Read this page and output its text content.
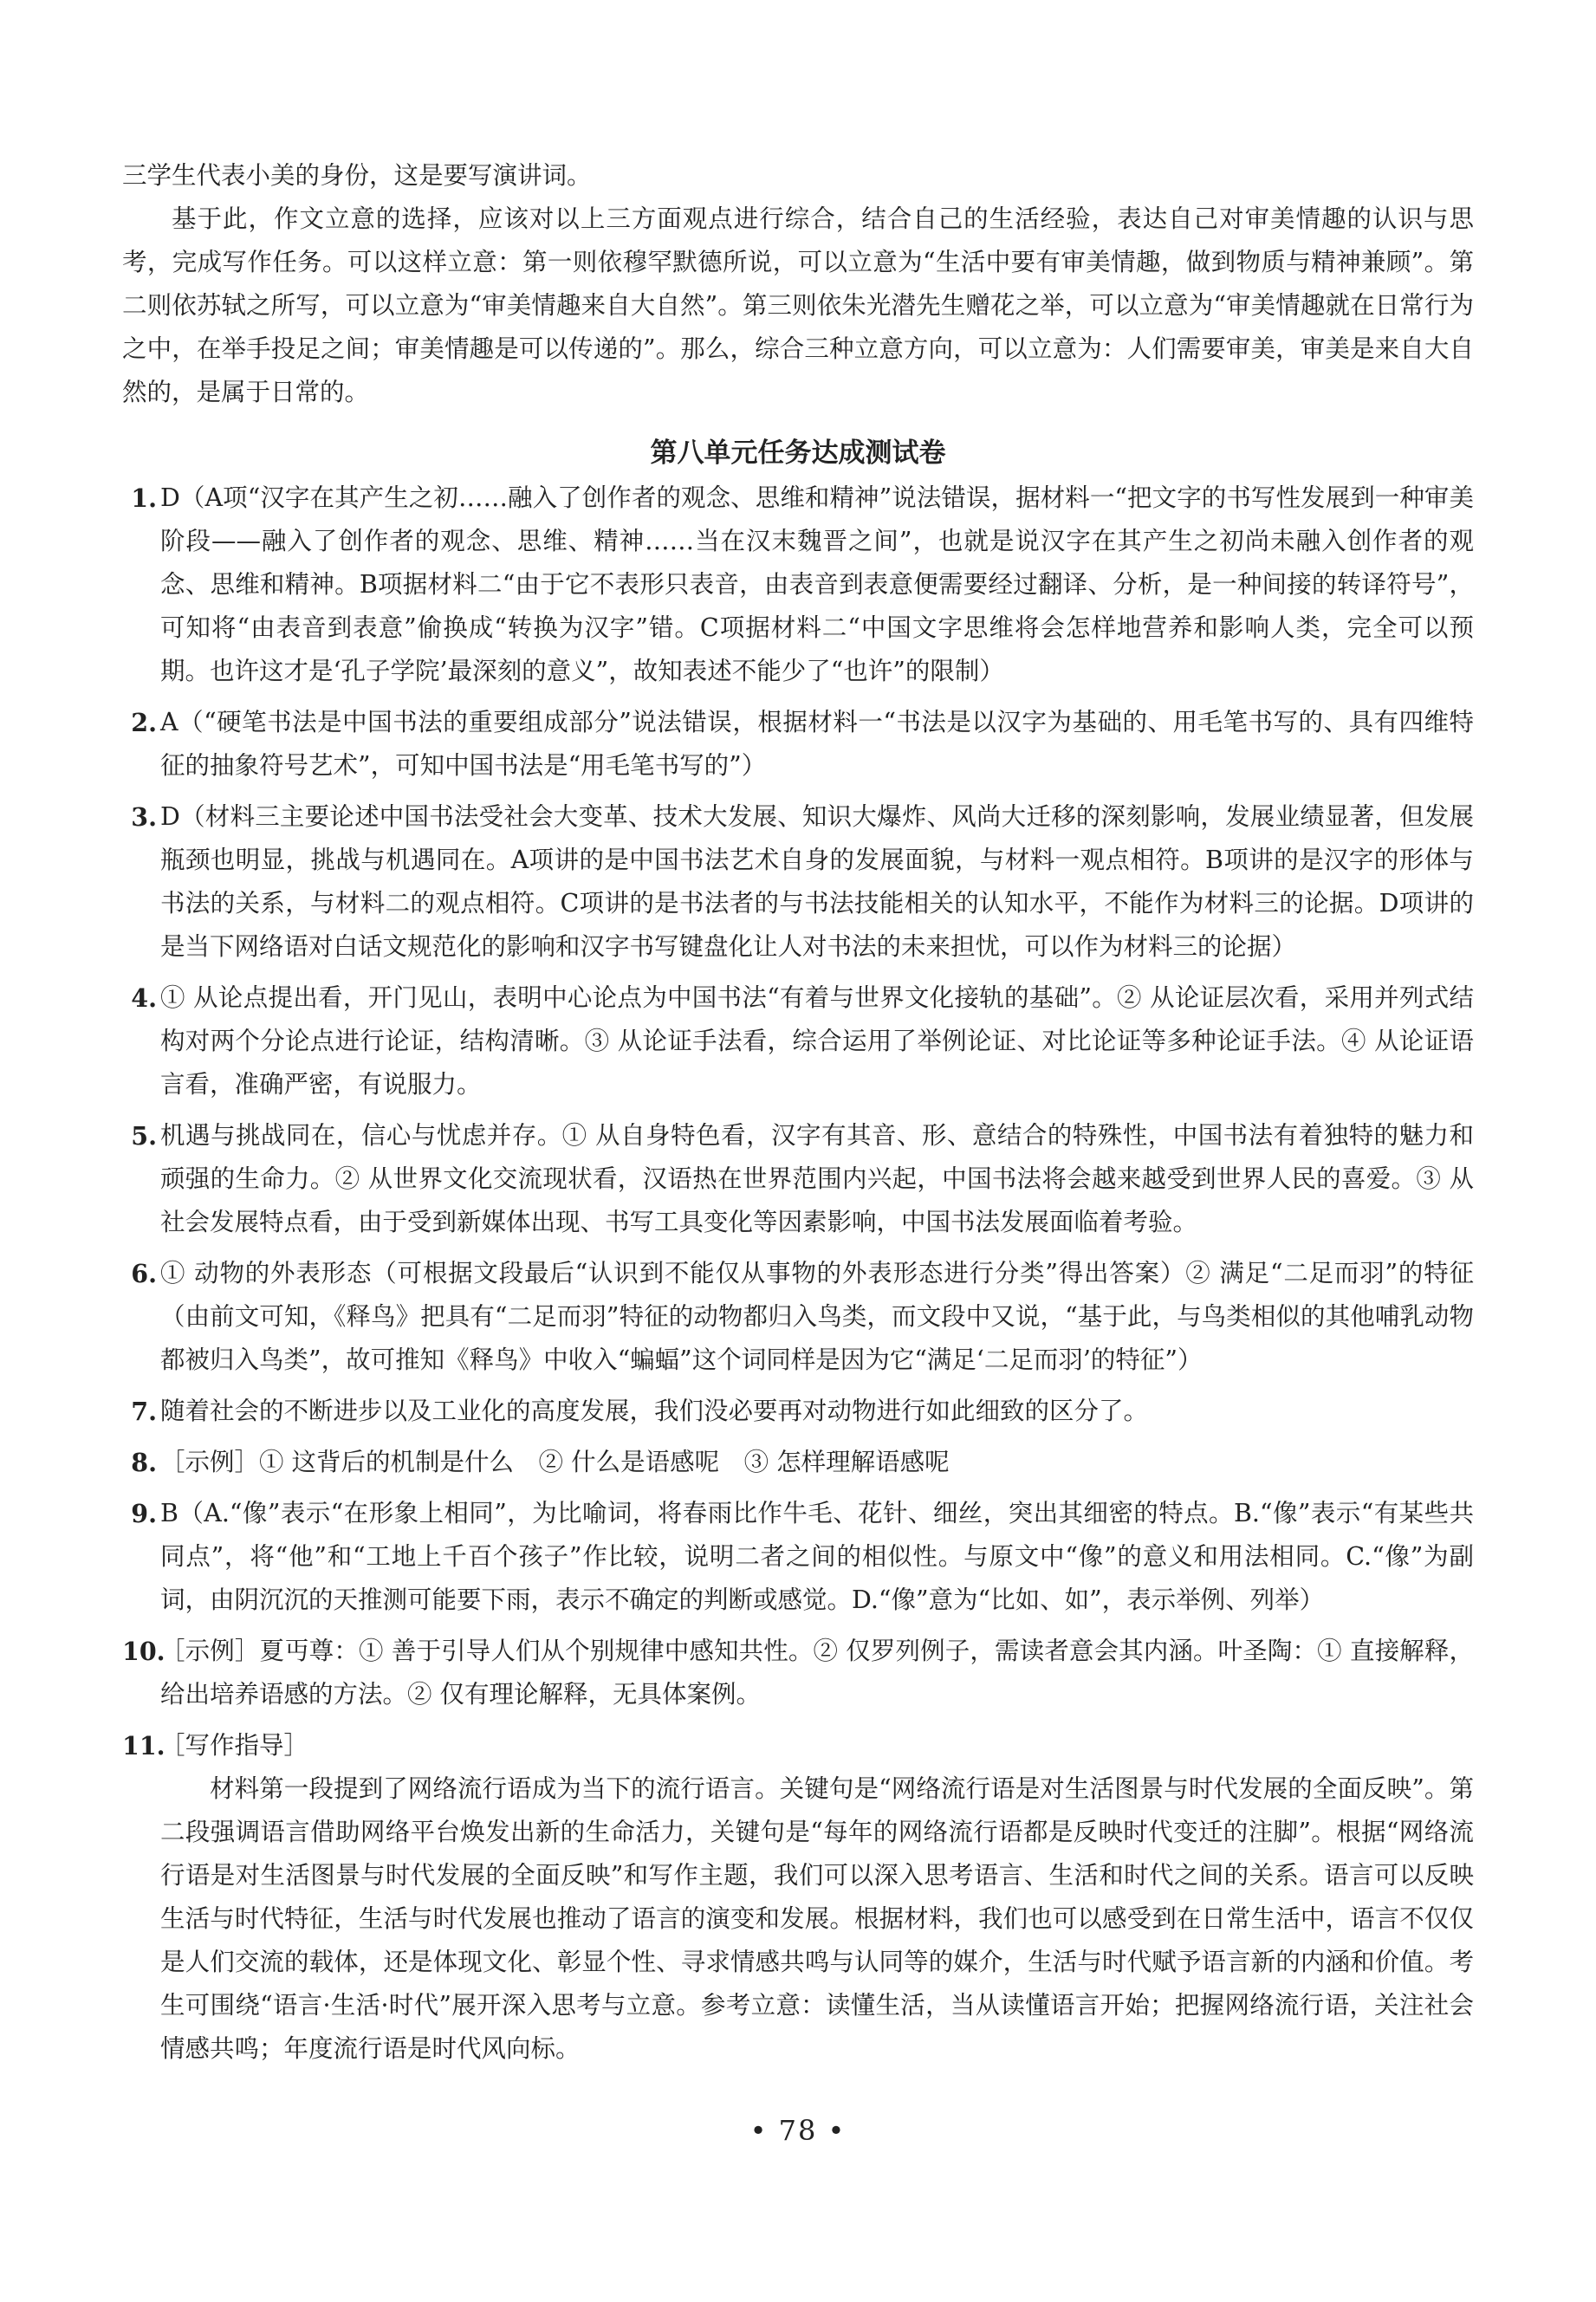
三学生代表小美的身份，这是要写演讲词。

基于此，作文立意的选择，应该对以上三方面观点进行综合，结合自己的生活经验，表达自己对审美情趣的认识与思考，完成写作任务。可以这样立意：第一则依穆罕默德所说，可以立意为“生活中要有审美情趣，做到物质与精神兼顾”。第二则依苏轼之所写，可以立意为“审美情趣来自大自然”。第三则依朱光潜先生赠花之举，可以立意为“审美情趣就在日常行为之中，在举手投足之间；审美情趣是可以传递的”。那么，综合三种立意方向，可以立意为：人们需要审美，审美是来自大自然的，是属于日常的。

第八单元任务达成测试卷
1 . D（A项“汉字在其产生之初……融入了创作者的观念、思维和精神”说法错误，据材料一“把文字的书写性发展到一种审美阶段——融入了创作者的观念、思维、精神……当在汉末魏晋之间”，也就是说汉字在其产生之初尚未融入创作者的观念、思维和精神。B项据材料二“由于它不表形只表音，由表音到表意便需要经过翻译、分析，是一种间接的转译符号”，可知将“由表音到表意”偷换成“转换为汉字”错。C项据材料二“中国文字思维将会怎样地营养和影响人类，完全可以预期。也许这才是‘孔子学院’最深刻的意义”，故知表述不能少了“也许”的限制）
2 . A（“硬笔书法是中国书法的重要组成部分”说法错误，根据材料一“书法是以汉字为基础的、用毛笔书写的、具有四维特征的抽象符号艺术”，可知中国书法是“用毛笔书写的”）
3 . D（材料三主要论述中国书法受社会大变革、技术大发展、知识大爆炸、风尚大迁移的深刻影响，发展业绩显著，但发展瓶颈也明显，挑战与机遇同在。A项讲的是中国书法艺术自身的发展面貌，与材料一观点相符。B项讲的是汉字的形体与书法的关系，与材料二的观点相符。C项讲的是书法者的与书法技能相关的认知水平，不能作为材料三的论据。D项讲的是当下网络语对白话文规范化的影响和汉字书写键盘化让人对书法的未来担忧，可以作为材料三的论据）
4 . ① 从论点提出看，开门见山，表明中心论点为中国书法“有着与世界文化接轨的基础”。② 从论证层次看，采用并列式结构对两个分论点进行论证，结构清晰。③ 从论证手法看，综合运用了举例论证、对比论证等多种论证手法。④ 从论证语言看，准确严密，有说服力。
5 . 机遇与挑战同在，信心与忧虑并存。① 从自身特色看，汉字有其音、形、意结合的特殊性，中国书法有着独特的魅力和顽强的生命力。② 从世界文化交流现状看，汉语热在世界范围内兴起，中国书法将会越来越受到世界人民的喜爱。③ 从社会发展特点看，由于受到新媒体出现、书写工具变化等因素影响，中国书法发展面临着考验。
6 . ① 动物的外表形态（可根据文段最后“认识到不能仅从事物的外表形态进行分类”得出答案）② 满足“二足而羽”的特征（由前文可知，《释鸟》把具有“二足而羽”特征的动物都归入鸟类，而文段中又说，“基于此，与鸟类相似的其他哺乳动物都被归入鸟类”，故可推知《释鸟》中收入“蝙蝠”这个词同样是因为它“满足‘二足而羽’的特征”）
7 . 随着社会的不断进步以及工业化的高度发展，我们没必要再对动物进行如此细致的区分了。
8 . ［示例］① 这背后的机制是什么　② 什么是语感呢　③ 怎样理解语感呢
9 . B（A.“像”表示“在形象上相同”，为比喻词，将春雨比作牛毛、花针、细丝，突出其细密的特点。B.“像”表示“有某些共同点”，将“他”和“工地上千百个孩子”作比较，说明二者之间的相似性。与原文中“像”的意义和用法相同。C.“像”为副词，由阴沉沉的天推测可能要下雨，表示不确定的判断或感觉。D.“像”意为“比如、如”，表示举例、列举）
10 . ［示例］夏丏尊：① 善于引导人们从个别规律中感知共性。② 仅罗列例子，需读者意会其内涵。叶圣陶：① 直接解释，给出培养语感的方法。② 仅有理论解释，无具体案例。
11 . ［写作指导］

材料第一段提到了网络流行语成为当下的流行语言。关键句是“网络流行语是对生活图景与时代发展的全面反映”。第二段强调语言借助网络平台焕发出新的生命活力，关键句是“每年的网络流行语都是反映时代变迁的注脚”。根据“网络流行语是对生活图景与时代发展的全面反映”和写作主题，我们可以深入思考语言、生活和时代之间的关系。语言可以反映生活与时代特征，生活与时代发展也推动了语言的演变和发展。根据材料，我们也可以感受到在日常生活中，语言不仅仅是人们交流的载体，还是体现文化、彰显个性、寻求情感共鸣与认同等的媒介，生活与时代赋予语言新的内涵和价值。考生可围绕“语言·生活·时代”展开深入思考与立意。参考立意：读懂生活，当从读懂语言开始；把握网络流行语，关注社会情感共鸣；年度流行语是时代风向标。

• 78 •
